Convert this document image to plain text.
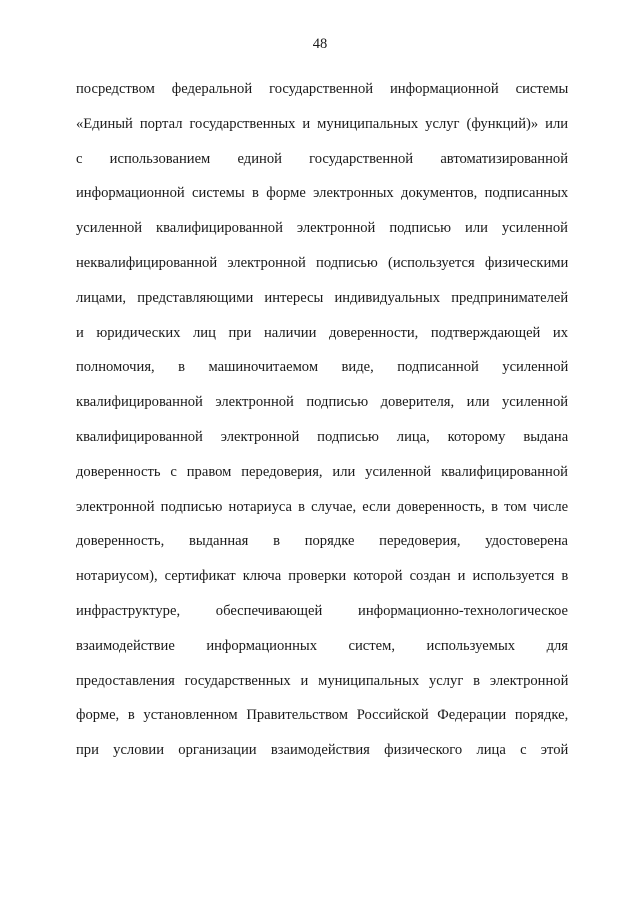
48
посредством федеральной государственной информационной системы
«Единый портал государственных и муниципальных услуг (функций)» или
с использованием единой государственной автоматизированной
информационной системы в форме электронных документов, подписанных
усиленной квалифицированной электронной подписью или усиленной
неквалифицированной электронной подписью (используется физическими
лицами, представляющими интересы индивидуальных предпринимателей
и юридических лиц при наличии доверенности, подтверждающей их
полномочия, в машиночитаемом виде, подписанной усиленной
квалифицированной электронной подписью доверителя, или усиленной
квалифицированной электронной подписью лица, которому выдана
доверенность с правом передоверия, или усиленной квалифицированной
электронной подписью нотариуса в случае, если доверенность, в том числе
доверенность, выданная в порядке передоверия, удостоверена
нотариусом), сертификат ключа проверки которой создан и используется в
инфраструктуре, обеспечивающей информационно-технологическое
взаимодействие информационных систем, используемых для
предоставления государственных и муниципальных услуг в электронной
форме, в установленном Правительством Российской Федерации порядке,
при условии организации взаимодействия физического лица с этой
